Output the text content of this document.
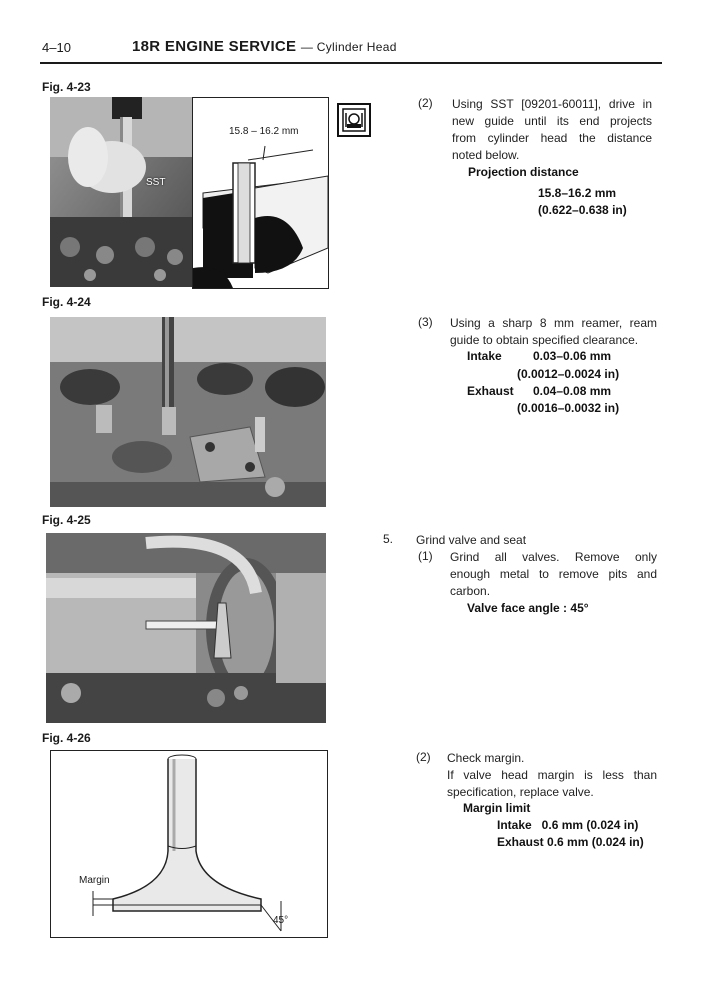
4–10	18R ENGINE SERVICE — Cylinder Head
Fig. 4-23
SST
15.8 – 16.2 mm
(2) Using SST [09201-60011], drive in
new guide until its end projects
from cylinder head the distance
noted below.
Projection distance
15.8–16.2 mm
(0.622–0.638 in)
Fig. 4-24
(3) Using a sharp 8 mm reamer, ream
guide to obtain specified clearance.
Intake	0.03–0.06 mm
(0.0012–0.0024 in)
Exhaust 0.04–0.08 mm
(0.0016–0.0032 in)
Fig. 4-25
5. Grind valve and seat
(1) Grind all valves. Remove only
enough metal to remove pits and
carbon.
Valve face angle : 45°
Fig. 4-26
Margin
45°
(2) Check margin.
If valve head margin is less than
specification, replace valve.
Margin limit
Intake   0.6 mm (0.024 in)
Exhaust 0.6 mm (0.024 in)
